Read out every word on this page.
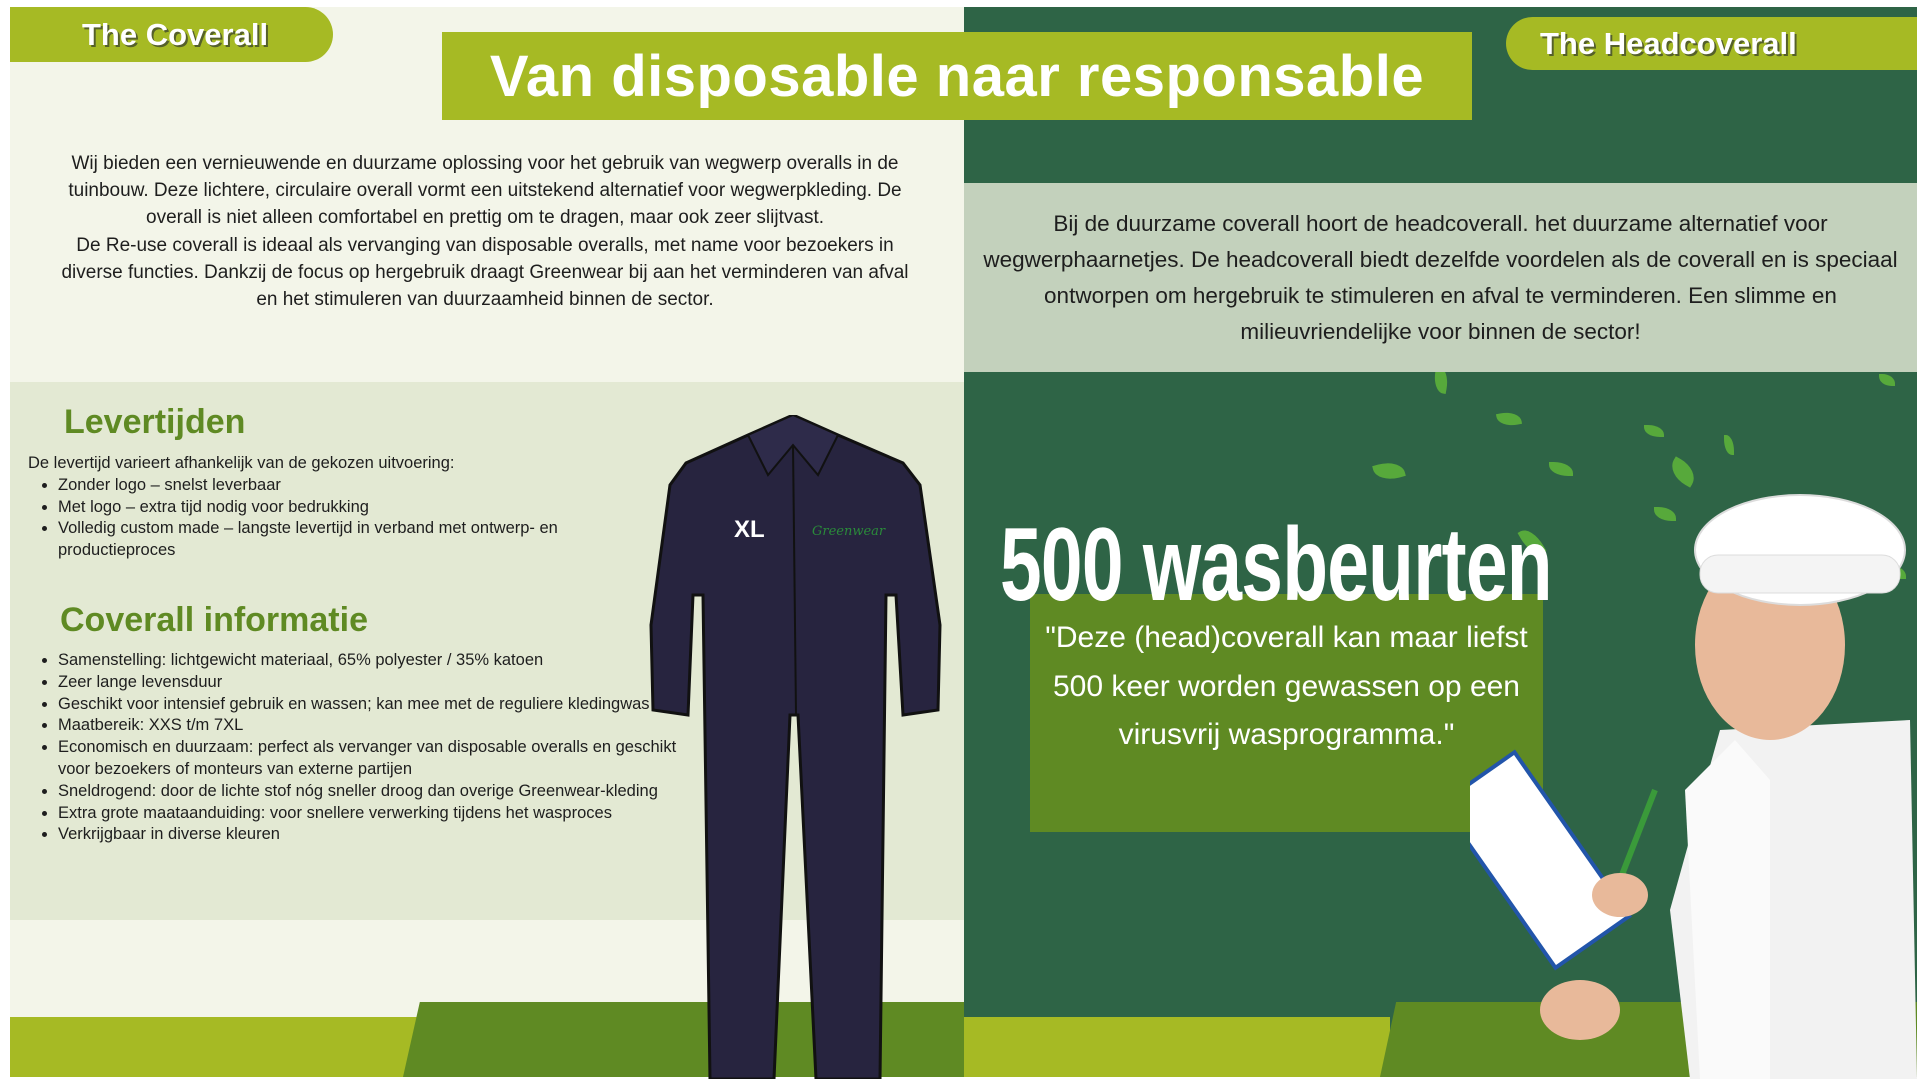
Bij de duurzame coverall hoort de headcoverall. het duurzame alternatief voor wegwerphaarnetjes. De headcoverall biedt dezelfde voordelen als de coverall en is speciaal ontworpen om hergebruik te stimuleren en afval te verminderen. Een slimme en milieuvriendelijke voor binnen de sector!

The Coverall	The Headcoverall
Van disposable naar responsable

Wij bieden een vernieuwende en duurzame oplossing voor het gebruik van wegwerp overalls in de tuinbouw. Deze lichtere, circulaire overall vormt een uitstekend alternatief voor wegwerpkleding. De overall is niet alleen comfortabel en prettig om te dragen, maar ook zeer slijtvast.

De Re-use coverall is ideaal als vervanging van disposable overalls, met name voor bezoekers in diverse functies. Dankzij de focus op hergebruik draagt Greenwear bij aan het verminderen van afval en het stimuleren van duurzaamheid binnen de sector.

Levertijden

De levertijd varieert afhankelijk van de gekozen uitvoering:

• Zonder logo – snelst leverbaar
• Met logo – extra tijd nodig voor bedrukking
• Volledig custom made – langste levertijd in verband met ontwerp- en productieproces
Coverall informatie
• Samenstelling: lichtgewicht materiaal, 65% polyester / 35% katoen
• Zeer lange levensduur
• Geschikt voor intensief gebruik en wassen; kan mee met de reguliere kledingwas
• Maatbereik: XXS t/m 7XL
• Economisch en duurzaam: perfect als vervanger van disposable overalls en geschikt voor bezoekers of monteurs van externe partijen
• Sneldrogend: door de lichte stof nóg sneller droog dan overige Greenwear-kleding
• Extra grote maataanduiding: voor snellere verwerking tijdens het wasproces
• Verkrijgbaar in diverse kleuren
XL	Greenwear
"Deze (head)coverall kan maar liefst 500 keer worden gewassen op een virusvrij wasprogramma."
500 wasbeurten
